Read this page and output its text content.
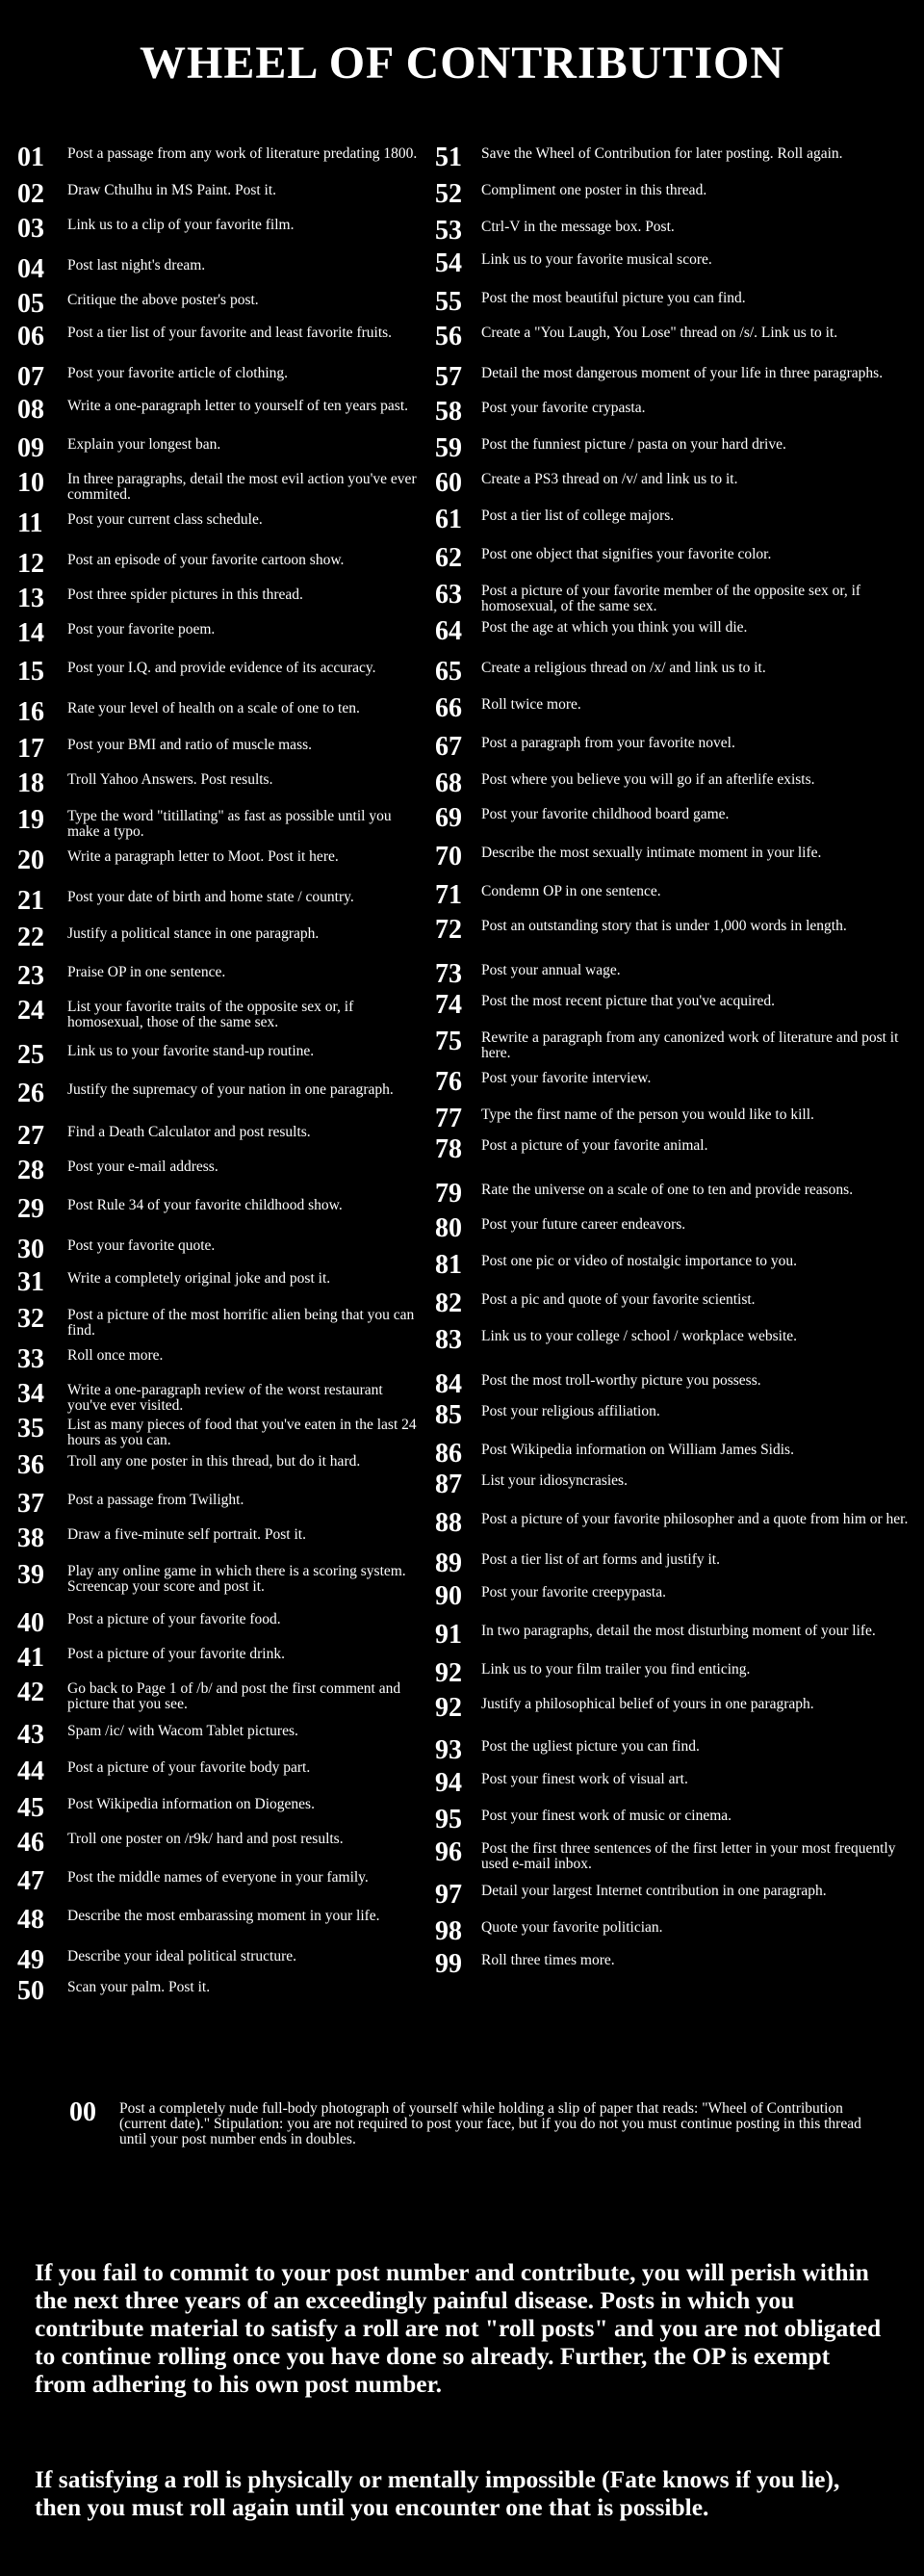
WHEEL OF CONTRIBUTION
01	Post a passage from any work of literature predating 1800.
02	Draw Cthulhu in MS Paint. Post it.
03	Link us to a clip of your favorite film.
04	Post last night's dream.
05	Critique the above poster's post.
06	Post a tier list of your favorite and least favorite fruits.
07	Post your favorite article of clothing.
08	Write a one-paragraph letter to yourself of ten years past.
09	Explain your longest ban.
10	In three paragraphs, detail the most evil action you've ever commited.
11	Post your current class schedule.
12	Post an episode of your favorite cartoon show.
13	Post three spider pictures in this thread.
14	Post your favorite poem.
15	Post your I.Q. and provide evidence of its accuracy.
16	Rate your level of health on a scale of one to ten.
17	Post your BMI and ratio of muscle mass.
18	Troll Yahoo Answers. Post results.
19	Type the word "titillating" as fast as possible until you make a typo.
20	Write a paragraph letter to Moot. Post it here.
21	Post your date of birth and home state / country.
22	Justify a political stance in one paragraph.
23	Praise OP in one sentence.
24	List your favorite traits of the opposite sex or, if homosexual, those of the same sex.
25	Link us to your favorite stand-up routine.
26	Justify the supremacy of your nation in one paragraph.
27	Find a Death Calculator and post results.
28	Post your e-mail address.
29	Post Rule 34 of your favorite childhood show.
30	Post your favorite quote.
31	Write a completely original joke and post it.
32	Post a picture of the most horrific alien being that you can find.
33	Roll once more.
34	Write a one-paragraph review of the worst restaurant you've ever visited.
35	List as many pieces of food that you've eaten in the last 24 hours as you can.
36	Troll any one poster in this thread, but do it hard.
37	Post a passage from Twilight.
38	Draw a five-minute self portrait. Post it.
39	Play any online game in which there is a scoring system. Screencap your score and post it.
40	Post a picture of your favorite food.
41	Post a picture of your favorite drink.
42	Go back to Page 1 of /b/ and post the first comment and picture that you see.
43	Spam /ic/ with Wacom Tablet pictures.
44	Post a picture of your favorite body part.
45	Post Wikipedia information on Diogenes.
46	Troll one poster on /r9k/ hard and post results.
47	Post the middle names of everyone in your family.
48	Describe the most embarassing moment in your life.
49	Describe your ideal political structure.
50	Scan your palm. Post it.
51	Save the Wheel of Contribution for later posting. Roll again.
52	Compliment one poster in this thread.
53	Ctrl-V in the message box. Post.
54	Link us to your favorite musical score.
55	Post the most beautiful picture you can find.
56	Create a "You Laugh, You Lose" thread on /s/. Link us to it.
57	Detail the most dangerous moment of your life in three paragraphs.
58	Post your favorite crypasta.
59	Post the funniest picture / pasta on your hard drive.
60	Create a PS3 thread on /v/ and link us to it.
61	Post a tier list of college majors.
62	Post one object that signifies your favorite color.
63	Post a picture of your favorite member of the opposite sex or, if homosexual, of the same sex.
64	Post the age at which you think you will die.
65	Create a religious thread on /x/ and link us to it.
66	Roll twice more.
67	Post a paragraph from your favorite novel.
68	Post where you believe you will go if an afterlife exists.
69	Post your favorite childhood board game.
70	Describe the most sexually intimate moment in your life.
71	Condemn OP in one sentence.
72	Post an outstanding story that is under 1,000 words in length.
73	Post your annual wage.
74	Post the most recent picture that you've acquired.
75	Rewrite a paragraph from any canonized work of literature and post it here.
76	Post your favorite interview.
77	Type the first name of the person you would like to kill.
78	Post a picture of your favorite animal.
79	Rate the universe on a scale of one to ten and provide reasons.
80	Post your future career endeavors.
81	Post one pic or video of nostalgic importance to you.
82	Post a pic and quote of your favorite scientist.
83	Link us to your college / school / workplace website.
84	Post the most troll-worthy picture you possess.
85	Post your religious affiliation.
86	Post Wikipedia information on William James Sidis.
87	List your idiosyncrasies.
88	Post a picture of your favorite philosopher and a quote from him or her.
89	Post a tier list of art forms and justify it.
90	Post your favorite creepypasta.
91	In two paragraphs, detail the most disturbing moment of your life.
92	Link us to your film trailer you find enticing.
92	Justify a philosophical belief of yours in one paragraph.
93	Post the ugliest picture you can find.
94	Post your finest work of visual art.
95	Post your finest work of music or cinema.
96	Post the first three sentences of the first letter in your most frequently used e-mail inbox.
97	Detail your largest Internet contribution in one paragraph.
98	Quote your favorite politician.
99	Roll three times more.
00	Post a completely nude full-body photograph of yourself while holding a slip of paper that reads: "Wheel of Contribution (current date)." Stipulation: you are not required to post your face, but if you do not you must continue posting in this thread until your post number ends in doubles.

If you fail to commit to your post number and contribute, you will perish within the next three years of an exceedingly painful disease. Posts in which you contribute material to satisfy a roll are not "roll posts" and you are not obligated to continue rolling once you have done so already. Further, the OP is exempt from adhering to his own post number.

If satisfying a roll is physically or mentally impossible (Fate knows if you lie), then you must roll again until you encounter one that is possible.
